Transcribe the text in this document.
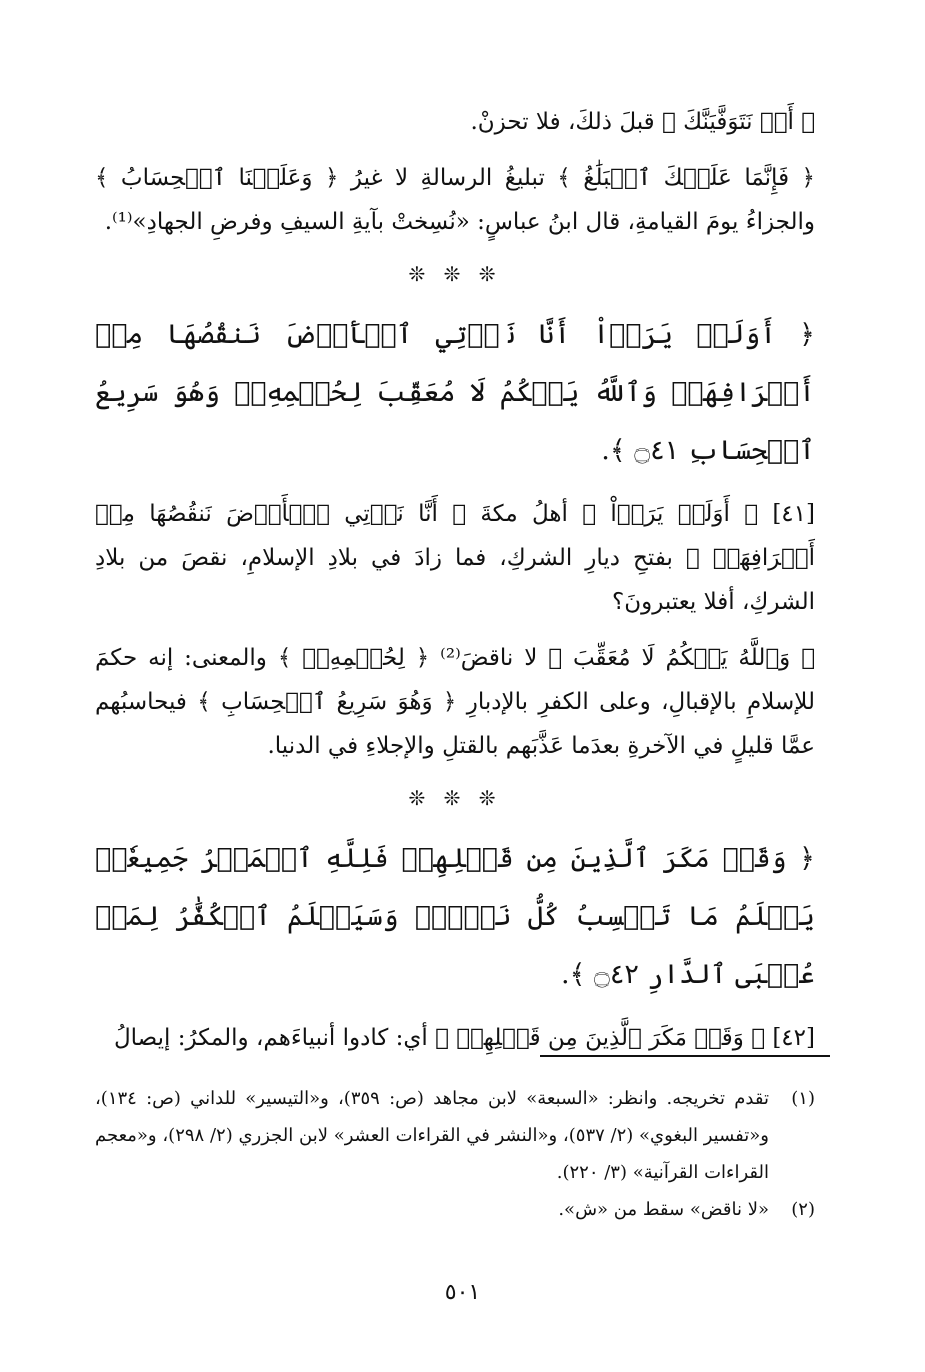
﴿ أَوۡ نَتَوَفَّيَنَّكَ ﴾ قبلَ ذلكَ، فلا تحزنْ.

﴿ فَإِنَّمَا عَلَيۡكَ ٱلۡبَلَٰغُ ﴾ تبليغُ الرسالةِ لا غيرُ ﴿ وَعَلَيۡنَا ٱلۡحِسَابُ ﴾ والجزاءُ يومَ القيامةِ، قال ابنُ عباسٍ: «نُسِختْ بآيةِ السيفِ وفرضِ الجهادِ»⁽¹⁾.

❊ ❊ ❊

﴿ أَوَلَمۡ يَرَوۡاْ أَنَّا نَأۡتِي ٱلۡأَرۡضَ نَنقُصُهَا مِنۡ أَطۡرَافِهَاۚ وَٱللَّهُ يَحۡكُمُ لَا مُعَقِّبَ لِحُكۡمِهِۦۚ وَهُوَ سَرِيعُ ٱلۡحِسَابِ ۝٤١ ﴾.

[٤١] ﴿ أَوَلَمۡ يَرَوۡاْ ﴾ أهلُ مكةَ ﴿ أَنَّا نَأۡتِي ٱلۡأَرۡضَ نَنقُصُهَا مِنۡ أَطۡرَافِهَاۚ ﴾ بفتحِ ديارِ الشركِ، فما زادَ في بلادِ الإسلامِ، نقصَ من بلادِ الشركِ، أفلا يعتبرونَ؟

﴿ وَٱللَّهُ يَحۡكُمُ لَا مُعَقِّبَ ﴾ لا ناقضَ⁽²⁾ ﴿ لِحُكۡمِهِۦۚ ﴾ والمعنى: إنه حكمَ للإسلامِ بالإقبالِ، وعلى الكفرِ بالإدبارِ ﴿ وَهُوَ سَرِيعُ ٱلۡحِسَابِ ﴾ فيحاسبُهم عمَّا قليلٍ في الآخرةِ بعدَما عَذَّبَهم بالقتلِ والإجلاءِ في الدنيا.

❊ ❊ ❊

﴿ وَقَدۡ مَكَرَ ٱلَّذِينَ مِن قَبۡلِهِمۡ فَلِلَّهِ ٱلۡمَكۡرُ جَمِيعٗاۖ يَعۡلَمُ مَا تَكۡسِبُ كُلُّ نَفۡسٖۗ وَسَيَعۡلَمُ ٱلۡكُفَّٰرُ لِمَنۡ عُقۡبَى ٱلدَّارِ ۝٤٢ ﴾.

[٤٢] ﴿ وَقَدۡ مَكَرَ ٱلَّذِينَ مِن قَبۡلِهِمۡ ﴾ أي: كادوا أنبياءَهم، والمكرُ: إيصالُ

(١)
تقدم تخريجه. وانظر: «السبعة» لابن مجاهد (ص: ٣٥٩)، و«التيسير» للداني (ص: ١٣٤)، و«تفسير البغوي» (٢/ ٥٣٧)، و«النشر في القراءات العشر» لابن الجزري (٢/ ٢٩٨)، و«معجم القراءات القرآنية» (٣/ ٢٢٠).
(٢)
«لا ناقض» سقط من «ش».
٥٠١
